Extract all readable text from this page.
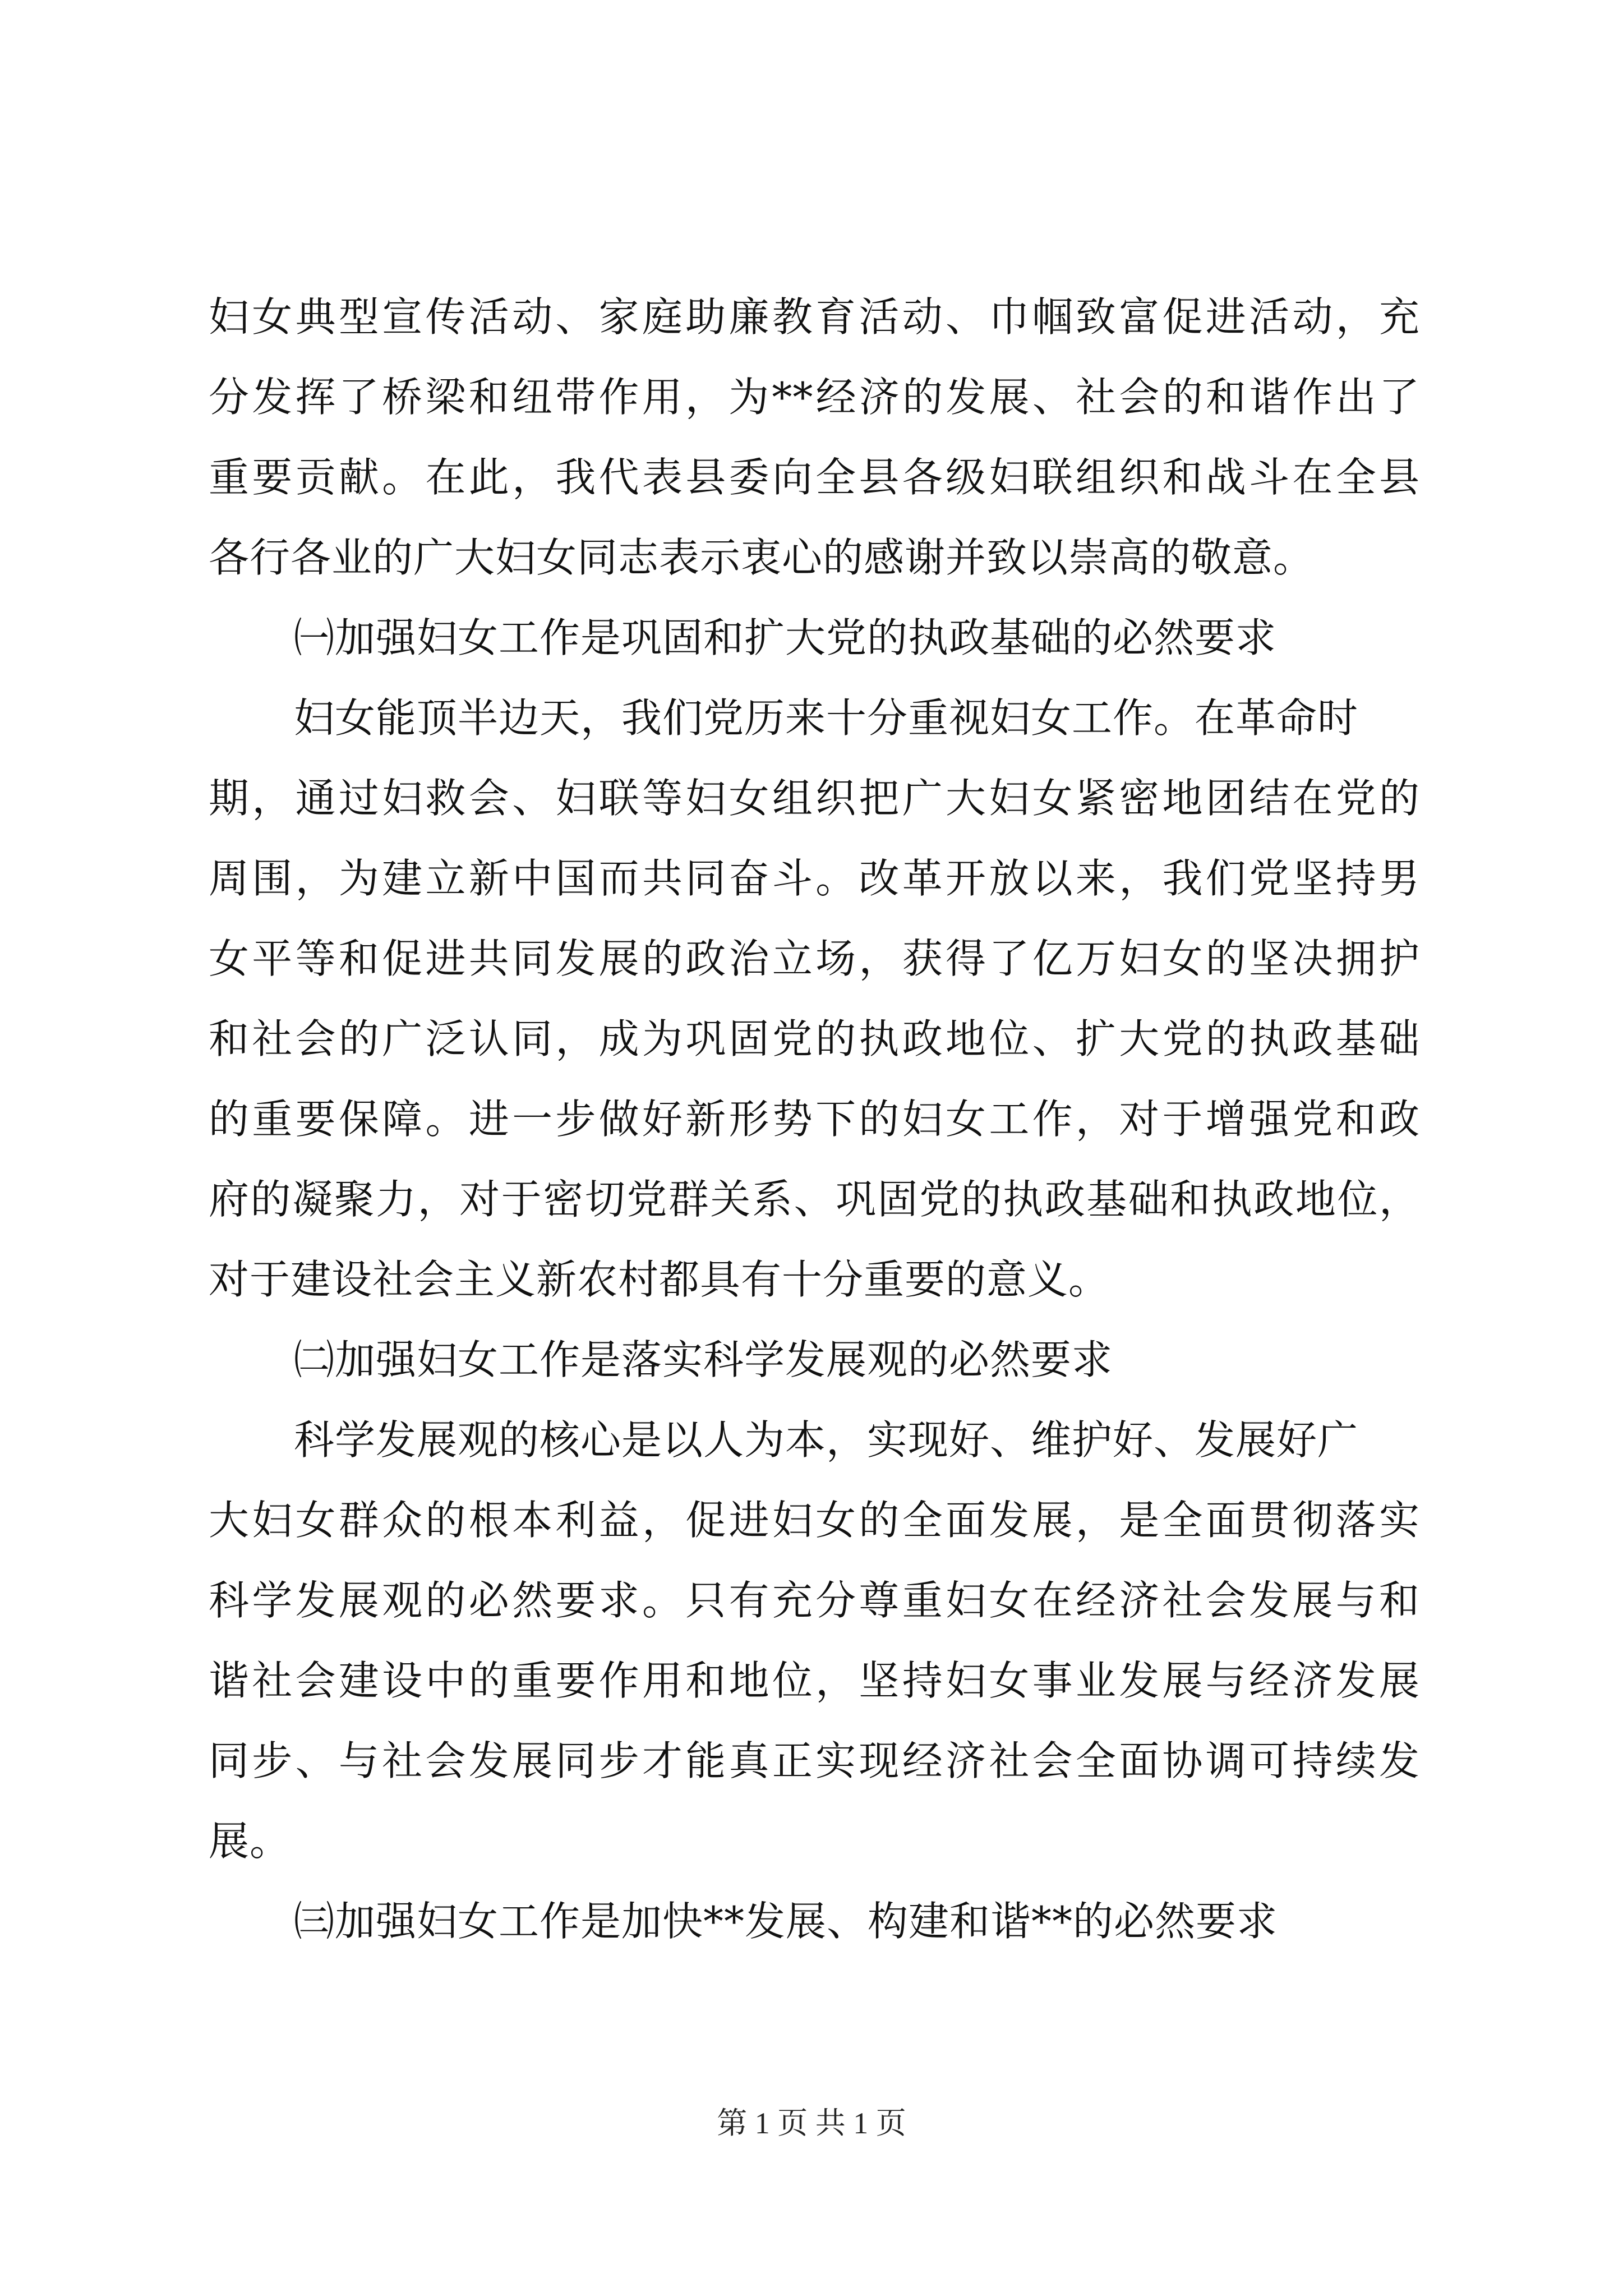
妇女典型宣传活动、家庭助廉教育活动、巾帼致富促进活动，充
分发挥了桥梁和纽带作用，为**经济的发展、社会的和谐作出了
重要贡献。在此，我代表县委向全县各级妇联组织和战斗在全县
各行各业的广大妇女同志表示衷心的感谢并致以崇高的敬意。
㈠加强妇女工作是巩固和扩大党的执政基础的必然要求
妇女能顶半边天，我们党历来十分重视妇女工作。在革命时
期，通过妇救会、妇联等妇女组织把广大妇女紧密地团结在党的
周围，为建立新中国而共同奋斗。改革开放以来，我们党坚持男
女平等和促进共同发展的政治立场，获得了亿万妇女的坚决拥护
和社会的广泛认同，成为巩固党的执政地位、扩大党的执政基础
的重要保障。进一步做好新形势下的妇女工作，对于增强党和政
府的凝聚力，对于密切党群关系、巩固党的执政基础和执政地位，
对于建设社会主义新农村都具有十分重要的意义。
㈡加强妇女工作是落实科学发展观的必然要求
科学发展观的核心是以人为本，实现好、维护好、发展好广
大妇女群众的根本利益，促进妇女的全面发展，是全面贯彻落实
科学发展观的必然要求。只有充分尊重妇女在经济社会发展与和
谐社会建设中的重要作用和地位，坚持妇女事业发展与经济发展
同步、与社会发展同步才能真正实现经济社会全面协调可持续发
展。
㈢加强妇女工作是加快**发展、构建和谐**的必然要求
第 1 页 共 1 页
